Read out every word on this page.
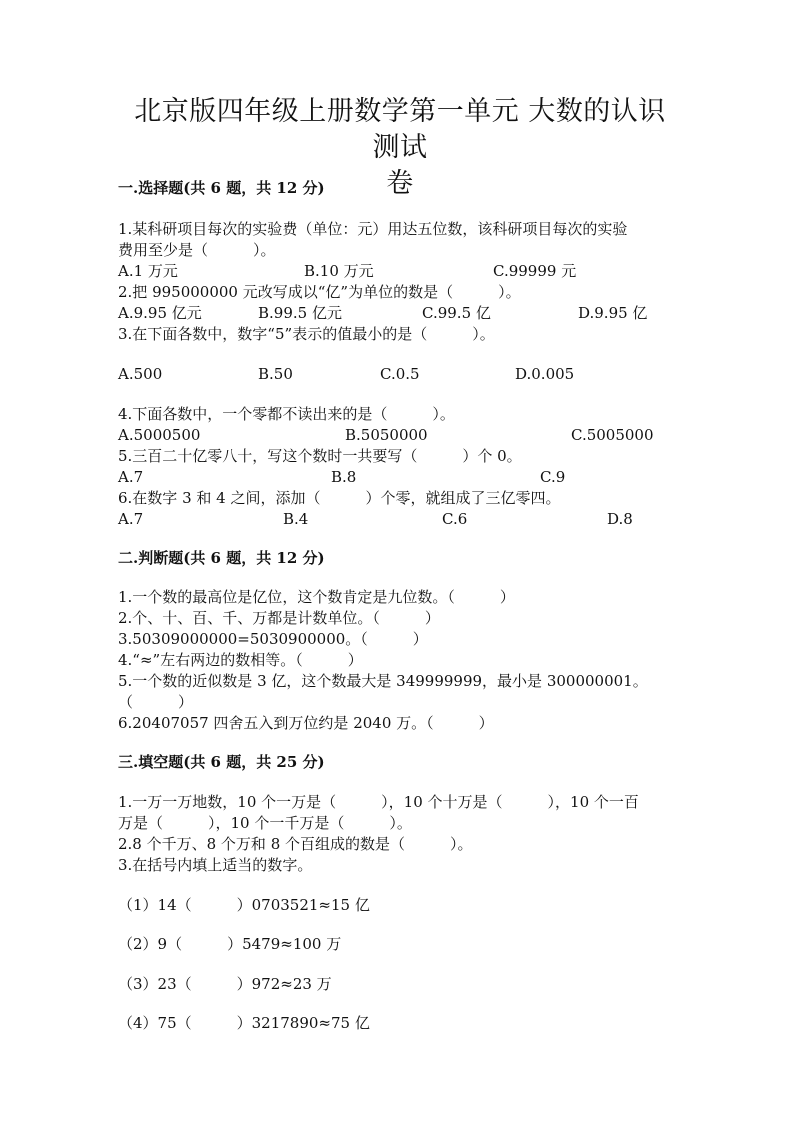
北京版四年级上册数学第一单元 大数的认识 测试
卷
一.选择题(共 6 题，共 12 分)
1.某科研项目每次的实验费（单位：元）用达五位数，该科研项目每次的实验
费用至少是（　　　）。
A.1 万元	B.10 万元	C.99999 元
2.把 995000000 元改写成以“亿”为单位的数是（　　　）。
A.9.95 亿元	B.99.5 亿元	C.99.5 亿	D.9.95 亿
3.在下面各数中，数字“5”表示的值最小的是（　　　）。
A.500	B.50	C.0.5	D.0.005
4.下面各数中，一个零都不读出来的是（　　　）。
A.5000500	B.5050000	C.5005000
5.三百二十亿零八十，写这个数时一共要写（　　　）个 0。
A.7	B.8	C.9
6.在数字 3 和 4 之间，添加（　　　）个零，就组成了三亿零四。
A.7	B.4	C.6	D.8
二.判断题(共 6 题，共 12 分)
1.一个数的最高位是亿位，这个数肯定是九位数。（　　　）
2.个、十、百、千、万都是计数单位。（　　　）
3.50309000000=5030900000。（　　　）
4.“≈”左右两边的数相等。（　　　）
5.一个数的近似数是 3 亿，这个数最大是 349999999，最小是 300000001。
（　　　）
6.20407057 四舍五入到万位约是 2040 万。（　　　）
三.填空题(共 6 题，共 25 分)
1.一万一万地数，10 个一万是（　　　），10 个十万是（　　　），10 个一百
万是（　　　），10 个一千万是（　　　）。
2.8 个千万、8 个万和 8 个百组成的数是（　　　）。
3.在括号内填上适当的数字。
（1）14（　　　）0703521≈15 亿
（2）9（　　　）5479≈100 万
（3）23（　　　）972≈23 万
（4）75（　　　）3217890≈75 亿
